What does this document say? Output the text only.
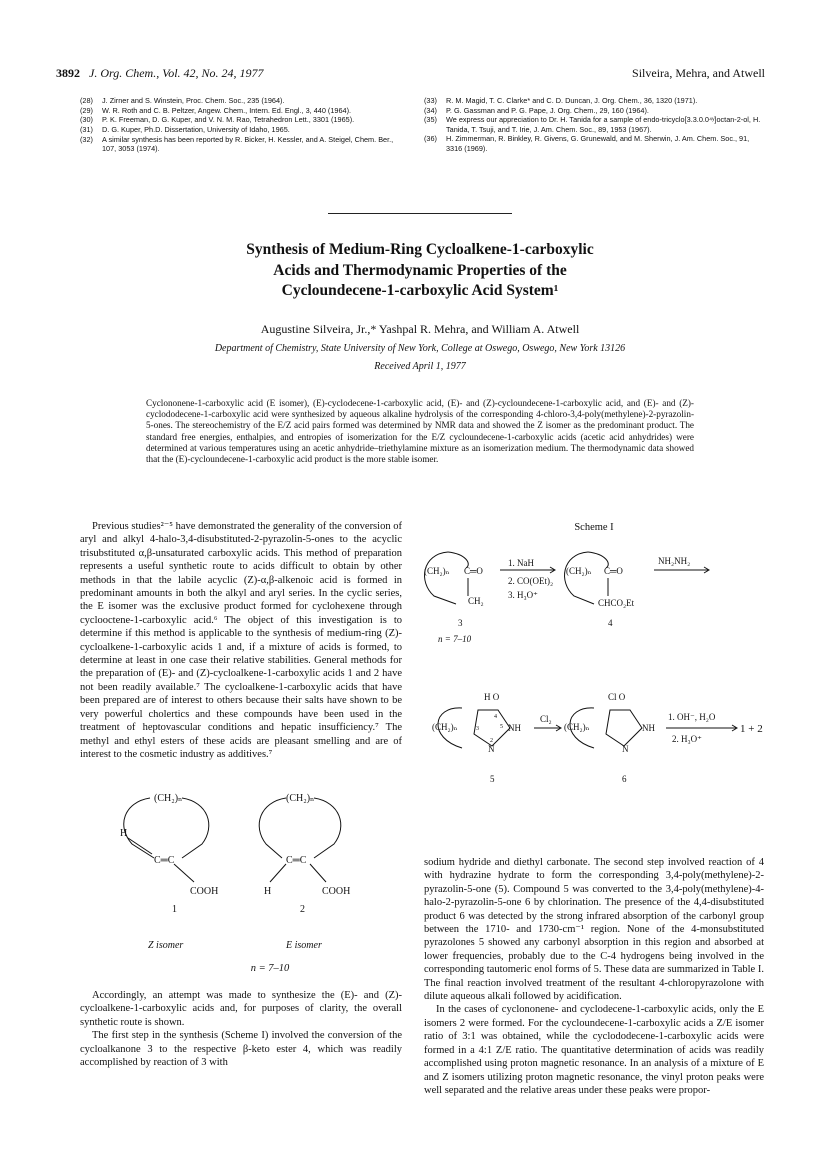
3892 J. Org. Chem., Vol. 42, No. 24, 1977	Silveira, Mehra, and Atwell
(28) J. Zirner and S. Winstein, Proc. Chem. Soc., 235 (1964).
(29) W. R. Roth and C. B. Peltzer, Angew. Chem., Intern. Ed. Engl., 3, 440 (1964).
(30) P. K. Freeman, D. G. Kuper, and V. N. M. Rao, Tetrahedron Lett., 3301 (1965).
(31) D. G. Kuper, Ph.D. Dissertation, University of Idaho, 1965.
(32) A similar synthesis has been reported by R. Bicker, H. Kessler, and A. Steigel, Chem. Ber., 107, 3053 (1974).
(33) R. M. Magid, T. C. Clarke* and C. D. Duncan, J. Org. Chem., 36, 1320 (1971).
(34) P. G. Gassman and P. G. Pape, J. Org. Chem., 29, 160 (1964).
(35) We express our appreciation to Dr. H. Tanida for a sample of endo-tricyclo[3.3.0.0⁴ʸ]octan-2-ol, H. Tanida, T. Tsuji, and T. Irie, J. Am. Chem. Soc., 89, 1953 (1967).
(36) H. Zimmerman, R. Binkley, R. Givens, G. Grunewald, and M. Sherwin, J. Am. Chem. Soc., 91, 3316 (1969).
Synthesis of Medium-Ring Cycloalkene-1-carboxylic
Acids and Thermodynamic Properties of the
Cycloundecene-1-carboxylic Acid System¹
Augustine Silveira, Jr.,* Yashpal R. Mehra, and William A. Atwell
Department of Chemistry, State University of New York, College at Oswego, Oswego, New York 13126
Received April 1, 1977
Cyclononene-1-carboxylic acid (E isomer), (E)-cyclodecene-1-carboxylic acid, (E)- and (Z)-cycloundecene-1-carboxylic acid, and (E)- and (Z)-cyclododecene-1-carboxylic acid were synthesized by aqueous alkaline hydrolysis of the corresponding 4-chloro-3,4-poly(methylene)-2-pyrazolin-5-ones. The stereochemistry of the E/Z acid pairs formed was determined by NMR data and showed the Z isomer as the predominant product. The standard free energies, enthalpies, and entropies of isomerization for the E/Z cycloundecene-1-carboxylic acids (acetic acid anhydrides) were determined at various temperatures using an acetic anhydride–triethylamine mixture as an isomerization medium. The thermodynamic data showed that the (E)-cycloundecene-1-carboxylic acid product is the more stable isomer.

Previous studies²⁻⁵ have demonstrated the generality of the conversion of aryl and alkyl 4-halo-3,4-disubstituted-2-pyrazolin-5-ones to the acyclic trisubstituted α,β-unsaturated carboxylic acids. This method of preparation represents a useful synthetic route to acids difficult to obtain by other methods in that the labile acyclic (Z)-α,β-alkenoic acid is formed in predominant amounts in both the alkyl and aryl series. In the cyclic series, the E isomer was the exclusive product formed for cyclohexene through cyclooctene-1-carboxylic acid.⁶ The object of this investigation is to determine if this method is applicable to the synthesis of medium-ring (Z)-cycloalkene-1-carboxylic acids 1 and, if a mixture of acids is formed, to determine at least in one case their relative stabilities. General methods for the preparation of (E)- and (Z)-cycloalkene-1-carboxylic acids 1 and 2 have not been readily available.⁷ The cycloalkene-1-carboxylic acids that have been prepared are of interest to others because their salts have shown to be very powerful cholertics and these compounds have been used in the treatment of heptovascular conditions and hepatic insufficiency.⁷ The methyl and ethyl esters of these acids are pleasant smelling and are of interest to the cosmetic industry as additives.⁷

(CH₂)ₙ
H
C═C
COOH
1
(CH₂)ₙ
C═C
H	COOH
2
Z isomer	E isomer
n = 7–10

Accordingly, an attempt was made to synthesize the (E)- and (Z)-cycloalkene-1-carboxylic acids and, for purposes of clarity, the overall synthetic route is shown.

The first step in the synthesis (Scheme I) involved the conversion of the cycloalkanone 3 to the respective β-keto ester 4, which was readily accomplished by reaction of 3 with

Scheme I
(CH₂)ₙ C═O
CH₂
1. NaH
2. CO(OEt)₂
3. H₃O⁺
3
n = 7–10
(CH₂)ₙ C═O
CHCO₂Et
4
NH₂NH₂
H O
(CH₂)ₙ	NH
N
3
4
5
2
5
Cl₂
Cl O
(CH₂)ₙ	NH
N
6
1. OH⁻, H₂O
2. H₃O⁺
1 + 2

sodium hydride and diethyl carbonate. The second step involved reaction of 4 with hydrazine hydrate to form the corresponding 3,4-poly(methylene)-2-pyrazolin-5-one (5). Compound 5 was converted to the 3,4-poly(methylene)-4-halo-2-pyrazolin-5-one 6 by chlorination. The presence of the 4,4-disubstituted product 6 was detected by the strong infrared absorption of the carbonyl group between the 1710- and 1730-cm⁻¹ region. None of the 4-monsubstituted pyrazolones 5 showed any carbonyl absorption in this region and absorbed at lower frequencies, probably due to the C-4 hydrogens being involved in the corresponding tautomeric enol forms of 5. These data are summarized in Table I. The final reaction involved treatment of the resultant 4-chloropyrazolone with dilute aqueous alkali followed by acidification.

In the cases of cyclononene- and cyclodecene-1-carboxylic acids, only the E isomers 2 were formed. For the cycloundecene-1-carboxylic acids a Z/E isomer ratio of 3:1 was obtained, while the cyclododecene-1-carboxylic acids were formed in a 4:1 Z/E ratio. The quantitative determination of acids was readily accomplished using proton magnetic resonance. In an analysis of a mixture of E and Z isomers utilizing proton magnetic resonance, the vinyl proton peaks were well separated and the relative areas under these peaks were propor-
